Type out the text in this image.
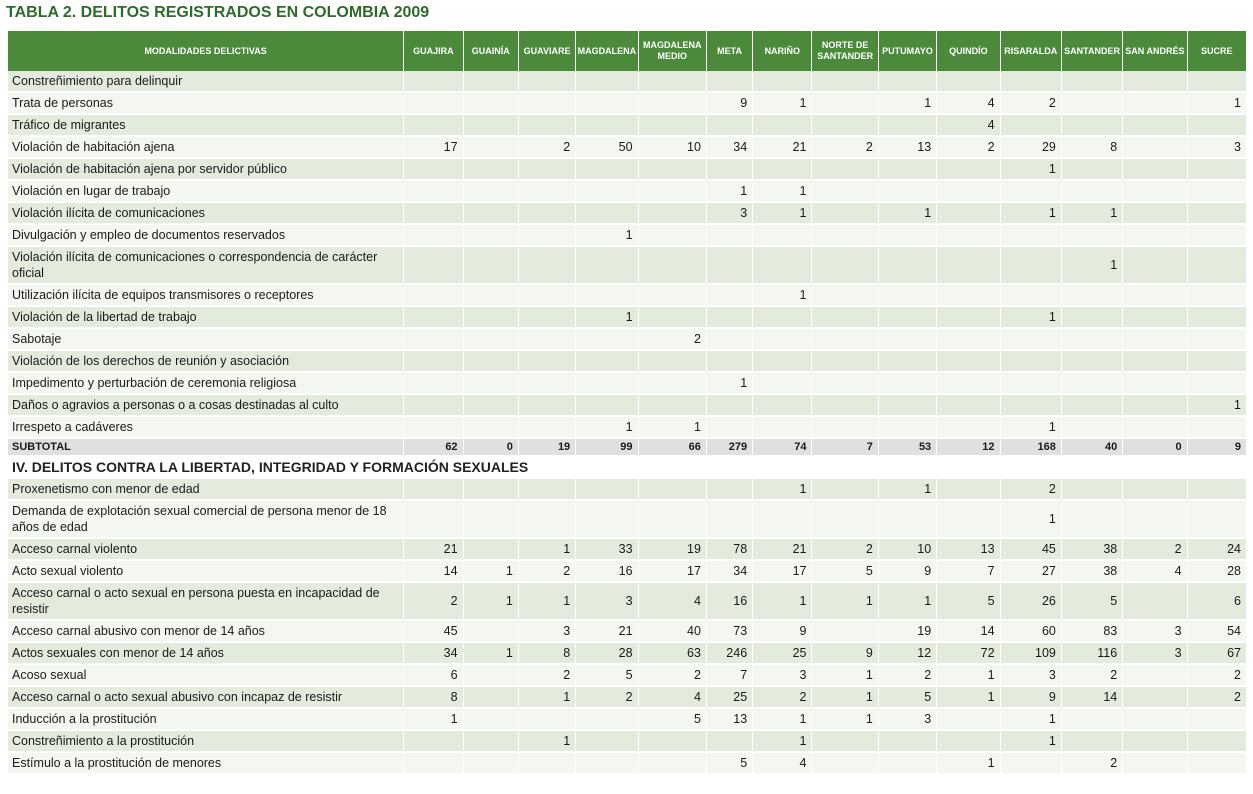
TABLA 2. DELITOS REGISTRADOS EN COLOMBIA 2009
MODALIDADES DELICTIVAS	GUAJIRA	GUAINÍA	GUAVIARE	MAGDALENA	MAGDALENA MEDIO	META	NARIÑO	NORTE DE SANTANDER	PUTUMAYO	QUINDÍO	RISARALDA	SANTANDER	SAN ANDRÉS	SUCRE
Constreñimiento para delinquir														
Trata de personas						9	1		1	4	2			1
Tráfico de migrantes										4				
Violación de habitación ajena	17		2	50	10	34	21	2	13	2	29	8		3
Violación de habitación ajena por servidor público											1			
Violación en lugar de trabajo						1	1							
Violación ilícita de comunicaciones						3	1		1		1	1		
Divulgación y empleo de documentos reservados				1										
Violación ilícita de comunicaciones o correspondencia de carácter oficial												1		
Utilización ilícita de equipos transmisores o receptores							1							
Violación de la libertad de trabajo				1							1			
Sabotaje					2									
Violación de los derechos de reunión y asociación														
Impedimento y perturbación de ceremonia religiosa						1								
Daños o agravios a personas o a cosas destinadas al culto														1
Irrespeto a cadáveres				1	1						1			
SUBTOTAL	62	0	19	99	66	279	74	7	53	12	168	40	0	9
IV. DELITOS CONTRA LA LIBERTAD, INTEGRIDAD Y FORMACIÓN SEXUALES														
Proxenetismo con menor de edad							1		1		2			
Demanda de explotación sexual comercial de persona menor de 18 años de edad											1			
Acceso carnal violento	21		1	33	19	78	21	2	10	13	45	38	2	24
Acto sexual violento	14	1	2	16	17	34	17	5	9	7	27	38	4	28
Acceso carnal o acto sexual en persona puesta en incapacidad de resistir	2	1	1	3	4	16	1	1	1	5	26	5		6
Acceso carnal abusivo con menor de 14 años	45		3	21	40	73	9		19	14	60	83	3	54
Actos sexuales con menor de 14 años	34	1	8	28	63	246	25	9	12	72	109	116	3	67
Acoso sexual	6		2	5	2	7	3	1	2	1	3	2		2
Acceso carnal o acto sexual abusivo con incapaz de resistir	8		1	2	4	25	2	1	5	1	9	14		2
Inducción a la prostitución	1				5	13	1	1	3		1			
Constreñimiento a la prostitución			1				1				1			
Estímulo a la prostitución de menores						5	4			1		2		
